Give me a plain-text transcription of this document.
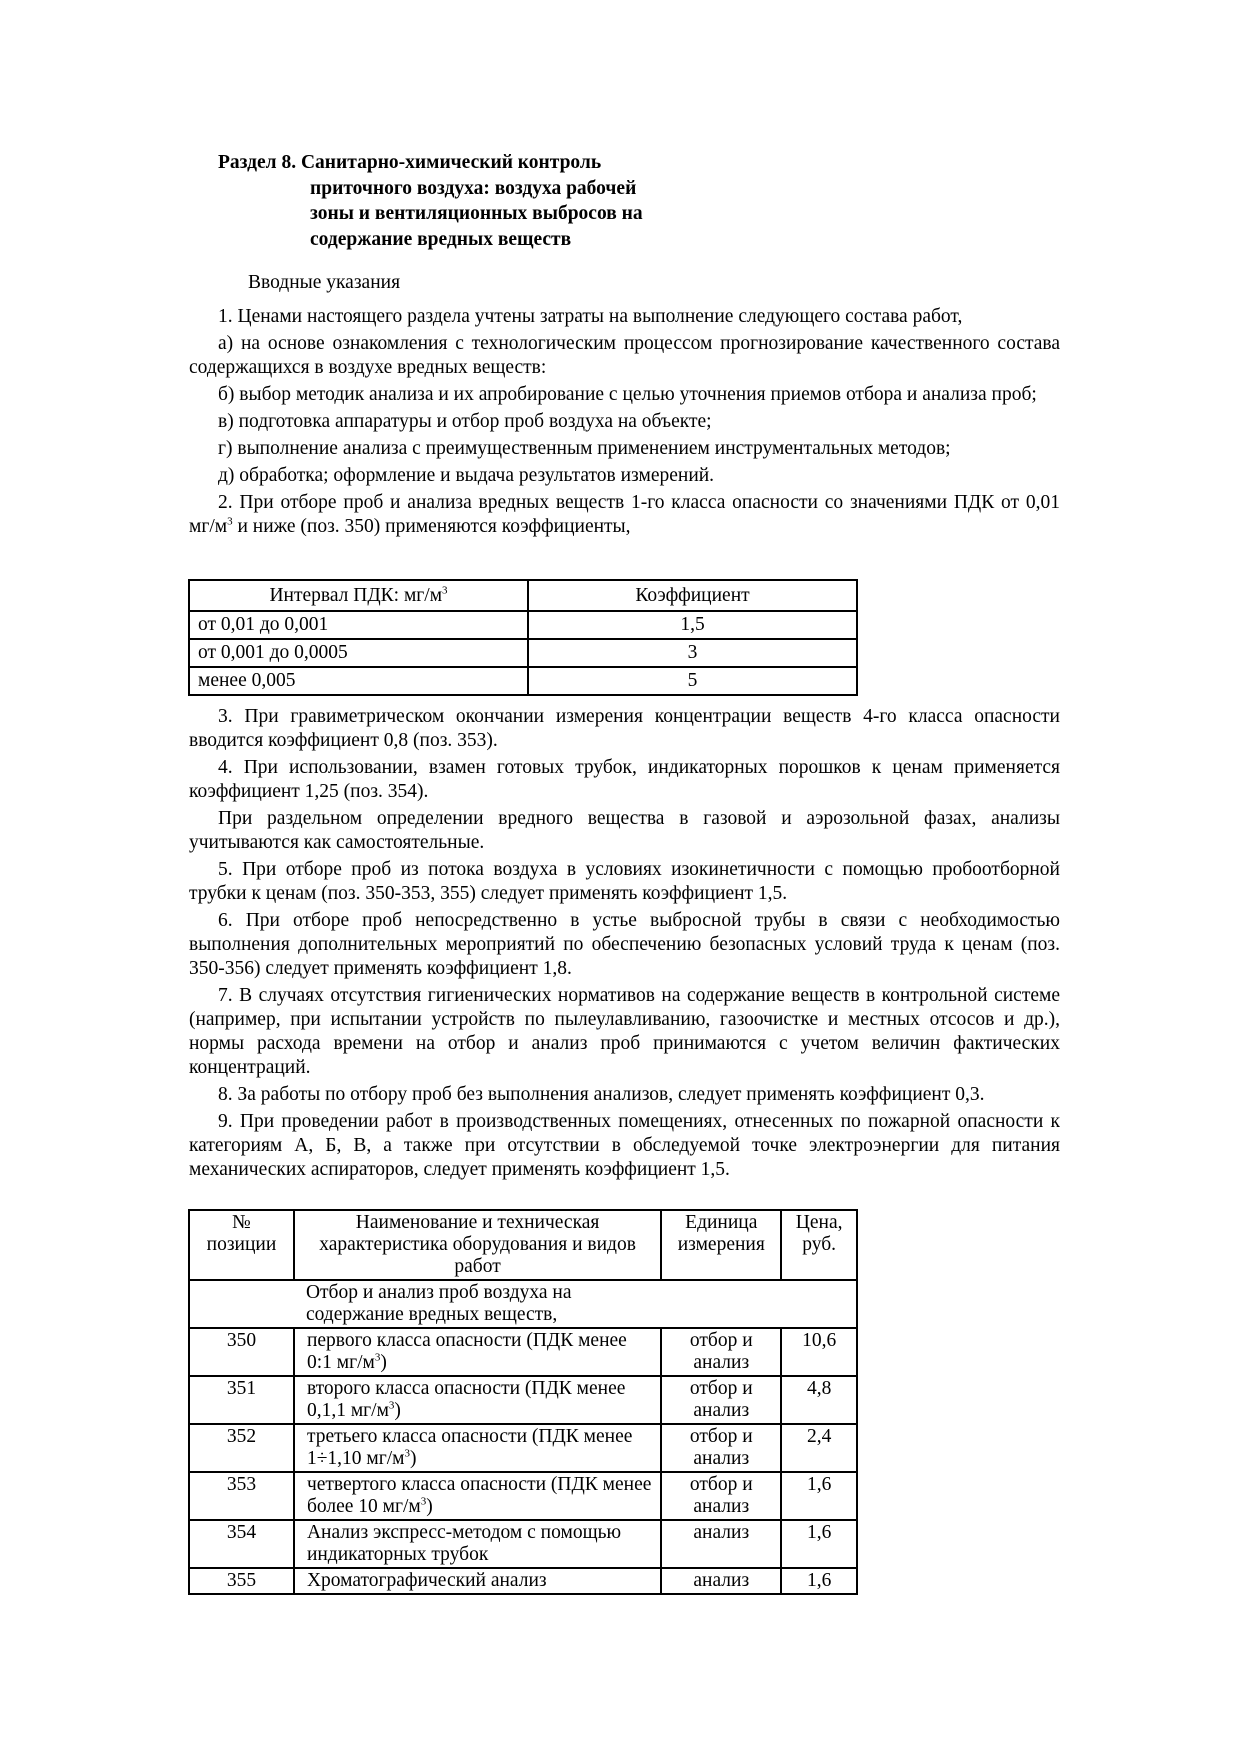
Раздел 8. Санитарно-химический контроль
приточного воздуха: воздуха рабочей
зоны и вентиляционных выбросов на
содержание вредных веществ
Вводные указания

1. Ценами настоящего раздела учтены затраты на выполнение следующего состава работ,

а) на основе ознакомления с технологическим процессом прогнозирование качественного состава содержащихся в воздухе вредных веществ:

б) выбор методик анализа и их апробирование с целью уточнения приемов отбора и анализа проб;

в) подготовка аппаратуры и отбор проб воздуха на объекте;

г) выполнение анализа с преимущественным применением инструментальных методов;

д) обработка; оформление и выдача результатов измерений.

2. При отборе проб и анализа вредных веществ 1-го класса опасности со значениями ПДК от 0,01 $мг/м^3$ и ниже (поз. 350) применяются коэффициенты,

Интервал ПДК: $мг/м^3$	Коэффициент
от 0,01 до 0,001	1,5
от 0,001 до 0,0005	3
менее 0,005	5

3. При гравиметрическом окончании измерения концентрации веществ 4-го класса опасности вводится коэффициент 0,8 (поз. 353).

4. При использовании, взамен готовых трубок, индикаторных порошков к ценам применяется коэффициент 1,25 (поз. 354).

При раздельном определении вредного вещества в газовой и аэрозольной фазах, анализы учитываются как самостоятельные.

5. При отборе проб из потока воздуха в условиях изокинетичности с помощью пробоотборной трубки к ценам (поз. 350-353, 355) следует применять коэффициент 1,5.

6. При отборе проб непосредственно в устье выбросной трубы в связи с необходимостью выполнения дополнительных мероприятий по обеспечению безопасных условий труда к ценам (поз. 350-356) следует применять коэффициент 1,8.

7. В случаях отсутствия гигиенических нормативов на содержание веществ в контрольной системе (например, при испытании устройств по пылеулавливанию, газоочистке и местных отсосов и др.), нормы расхода времени на отбор и анализ проб принимаются с учетом величин фактических концентраций.

8. За работы по отбору проб без выполнения анализов, следует применять коэффициент 0,3.

9. При проведении работ в производственных помещениях, отнесенных по пожарной опасности к категориям А, Б, В, а также при отсутствии в обследуемой точке электроэнергии для питания механических аспираторов, следует применять коэффициент 1,5.

№ позиции	Наименование и техническая характеристика оборудования и видов работ	Единица измерения	Цена, руб.
	Отбор и анализ проб воздуха на содержание вредных веществ,		
350	первого класса опасности (ПДК менее 0:1 $мг/м^3$)	отбор и анализ	10,6
351	второго класса опасности (ПДК менее 0,1,1 $мг/м^3$)	отбор и анализ	4,8
352	третьего класса опасности (ПДК менее 1÷1,10 $мг/м^3$)	отбор и анализ	2,4
353	четвертого класса опасности (ПДК менее более 10 $мг/м^3$)	отбор и анализ	1,6
354	Анализ экспресс-методом с помощью индикаторных трубок	анализ	1,6
355	Хроматографический анализ	анализ	1,6
